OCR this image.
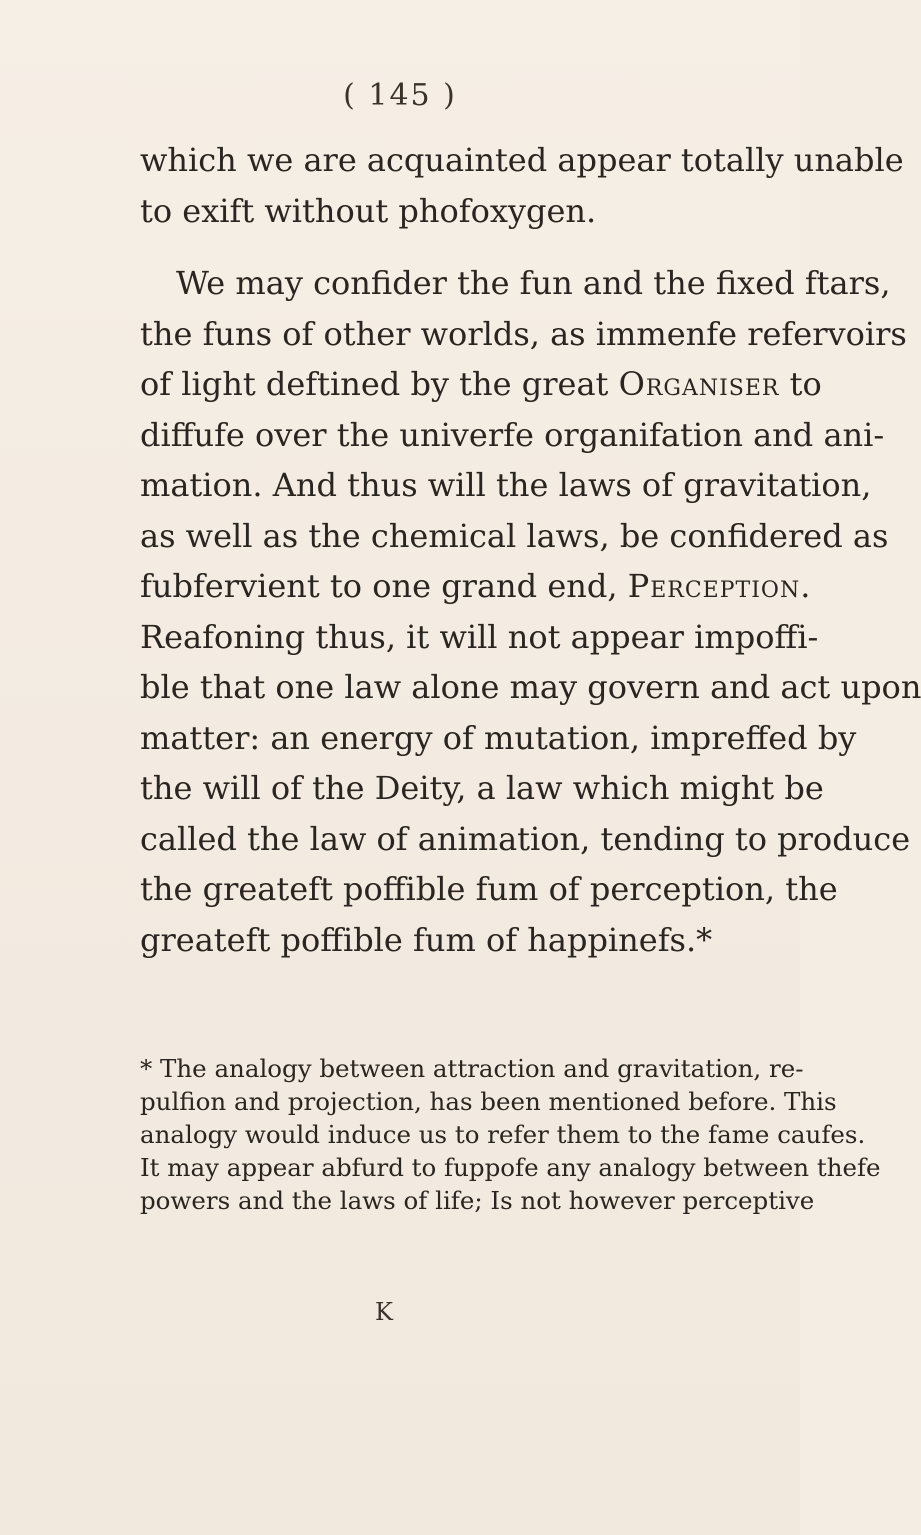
( 145 )
which we are acquainted appear totally unable
to exift without phofoxygen.
We may confider the fun and the fixed ftars,
the funs of other worlds, as immenfe refervoirs
of light deftined by the great Organiser to
diffufe over the univerfe organifation and ani-
mation. And thus will the laws of gravitation,
as well as the chemical laws, be confidered as
fubfervient to one grand end, Perception.
Reafoning thus, it will not appear impoffi-
ble that one law alone may govern and act upon
matter: an energy of mutation, impreffed by
the will of the Deity, a law which might be
called the law of animation, tending to produce
the greateft poffible fum of perception, the
greateft poffible fum of happinefs.*
* The analogy between attraction and gravitation, re-
pulfion and projection, has been mentioned before. This
analogy would induce us to refer them to the fame caufes.
It may appear abfurd to fuppofe any analogy between thefe
powers and the laws of life; Is not however perceptive
K
